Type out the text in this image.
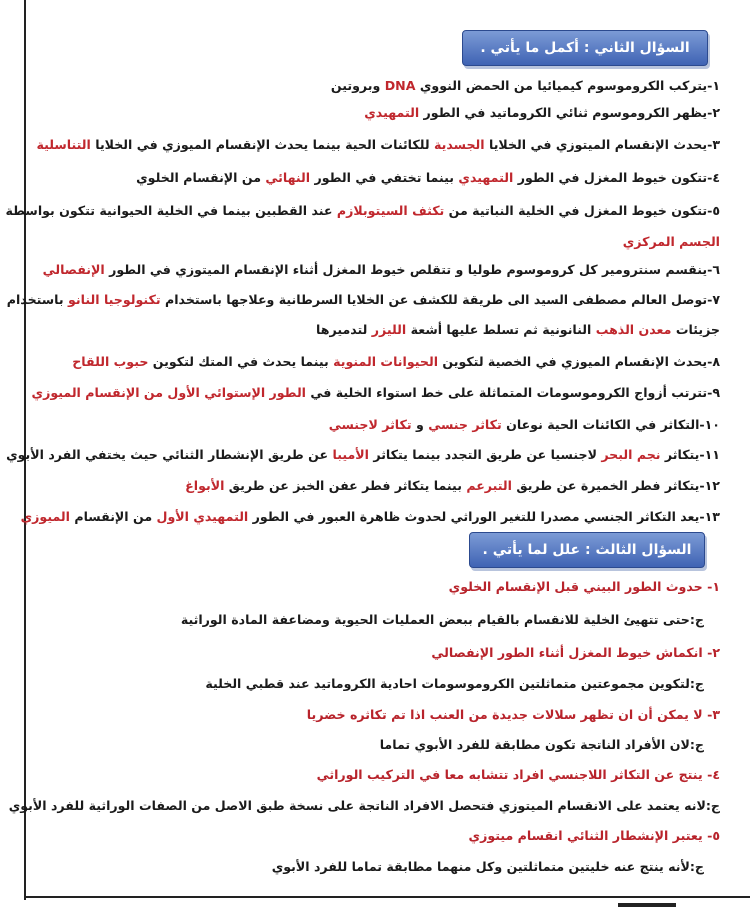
السؤال الثاني : أكمل ما يأتي .
١-يتركب الكروموسوم كيميائيا من الحمض النووي DNA وبروتين
٢-يظهر الكروموسوم ثنائي الكروماتيد في الطور التمهيدي
٣-يحدث الإنقسام الميتوزي في الخلايا الجسدية للكائنات الحية بينما يحدث الإنقسام الميوزي في الخلايا التناسلية
٤-تتكون خيوط المغزل في الطور التمهيدي بينما تختفي في الطور النهائي من الإنقسام الخلوي
٥-تتكون خيوط المغزل في الخلية النباتية من تكثف السيتوبلازم عند القطبين بينما في الخلية الحيوانية تتكون بواسطة
الجسم المركزي
٦-ينقسم سنترومير كل كروموسوم طوليا و تتقلص خيوط المغزل أثناء الإنقسام الميتوزي في الطور الإنفصالي
٧-توصل العالم مصطفى السيد الى طريقة للكشف عن الخلايا السرطانية وعلاجها باستخدام تكنولوجيا النانو باستخدام
جزيئات معدن الذهب النانونية ثم تسلط عليها أشعة الليزر لتدميرها
٨-يحدث الإنقسام الميوزي في الخصية لتكوين الحيوانات المنوية بينما يحدث في المتك لتكوين حبوب اللقاح
٩-تترتب أزواج الكروموسومات المتماثلة على خط استواء الخلية في الطور الإستوائي الأول من الإنقسام الميوزي
١٠-التكاثر في الكائنات الحية نوعان تكاثر جنسي و تكاثر لاجنسي
١١-يتكاثر نجم البحر لاجنسيا عن طريق التجدد بينما يتكاثر الأميبا عن طريق الإنشطار الثنائي حيث يختفي الفرد الأبوي
١٢-يتكاثر فطر الخميرة عن طريق التبرعم بينما يتكاثر فطر عفن الخبز عن طريق الأبواغ
١٣-يعد التكاثر الجنسي مصدرا للتغير الوراثي لحدوث ظاهرة العبور في الطور التمهيدي الأول من الإنقسام الميوزي
السؤال الثالث : علل لما يأتي .
١- حدوث الطور البيني قبل الإنقسام الخلوي
ج:حتى تتهيئ الخلية للانقسام بالقيام ببعض العمليات الحيوية ومضاعفة المادة الوراثية
٢- انكماش خيوط المغزل أثناء الطور الإنفصالي
ج:لتكوين مجموعتين متماثلتين الكروموسومات احادية الكروماتيد عند قطبي الخلية
٣- لا يمكن أن ان تظهر سلالات جديدة من العنب اذا تم تكاثره خضريا
ج:لان الأفراد الناتجة تكون مطابقة للفرد الأبوي تماما
٤- ينتج عن التكاثر اللاجنسي افراد تتشابه معا في التركيب الوراثي
ج:لانه يعتمد على الانقسام الميتوزي فتحصل الافراد الناتجة على نسخة طبق الاصل من الصفات الوراثية للفرد الأبوي
٥- يعتبر الإنشطار الثنائي انقسام ميتوزي
ج:لأنه ينتج عنه خليتين متماثلتين وكل منهما مطابقة تماما للفرد الأبوي
